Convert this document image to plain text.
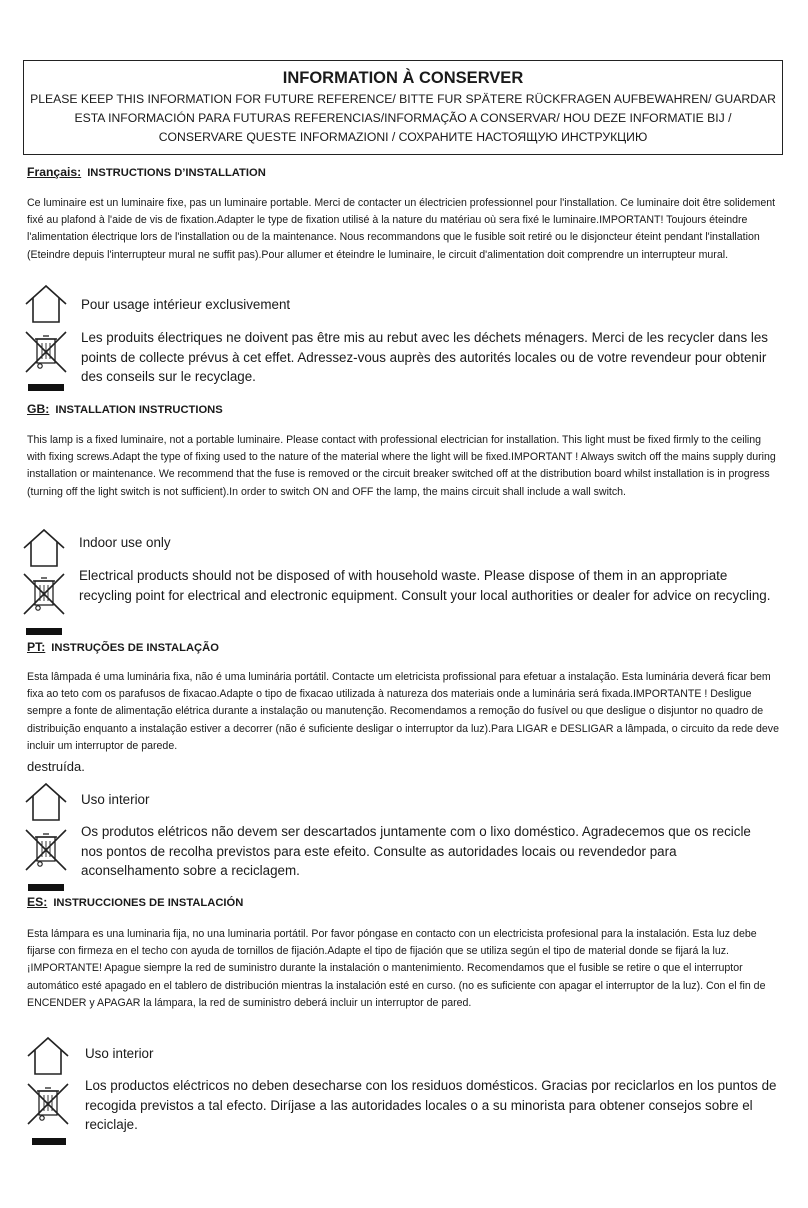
INFORMATION À CONSERVER
PLEASE KEEP THIS INFORMATION FOR FUTURE REFERENCE/ BITTE FUR SPÄTERE RÜCKFRAGEN AUFBEWAHREN/ GUARDAR
ESTA INFORMACIÓN PARA FUTURAS REFERENCIAS/INFORMAÇÃO A CONSERVAR/ HOU DEZE INFORMATIE BIJ /
CONSERVARE QUESTE INFORMAZIONI / СОХРАНИТЕ НАСТОЯЩУЮ ИНСТРУКЦИЮ
Français: INSTRUCTIONS D’INSTALLATION

Ce luminaire est un luminaire fixe, pas un luminaire portable. Merci de contacter un électricien professionnel pour l'installation. Ce luminaire doit être solidement fixé au plafond à l'aide de vis de fixation.Adapter le type de fixation utilisé à la nature du matériau où sera fixé le luminaire.IMPORTANT! Toujours éteindre l'alimentation électrique lors de l'installation ou de la maintenance. Nous recommandons que le fusible soit retiré ou le disjoncteur éteint pendant l'installation (Eteindre depuis l'interrupteur mural ne suffit pas).Pour allumer et éteindre le luminaire, le circuit d'alimentation doit comprendre un interrupteur mural.

Pour usage intérieur exclusivement

Les produits électriques ne doivent pas être mis au rebut avec les déchets ménagers. Merci de les recycler dans les points de collecte prévus à cet effet. Adressez-vous auprès des autorités locales ou de votre revendeur pour obtenir des conseils sur le recyclage.

GB: INSTALLATION INSTRUCTIONS

This lamp is a fixed luminaire, not a portable luminaire. Please contact with professional electrician for installation. This light must be fixed firmly to the ceiling with fixing screws.Adapt the type of fixing used to the nature of the material where the light will be fixed.IMPORTANT ! Always switch off the mains supply during installation or maintenance. We recommend that the fuse is removed or the circuit breaker switched off at the distribution board whilst installation is in progress (turning off the light switch is not sufficient).In order to switch ON and OFF the lamp, the mains circuit shall include a wall switch.

Indoor use only

Electrical products should not be disposed of with household waste. Please dispose of them in an appropriate recycling point for electrical and electronic equipment. Consult your local authorities or dealer for advice on recycling.

PT: INSTRUÇÕES DE INSTALAÇÃO

Esta lâmpada é uma luminária fixa, não é uma luminária portátil. Contacte um eletricista profissional para efetuar a instalação. Esta luminária deverá ficar bem fixa ao teto com os parafusos de fixacao.Adapte o tipo de fixacao utilizada à natureza dos materiais onde a luminária será fixada.IMPORTANTE ! Desligue sempre a fonte de alimentação elétrica durante a instalação ou manutenção. Recomendamos a remoção do fusível ou que desligue o disjuntor no quadro de distribuição enquanto a instalação estiver a decorrer (não é suficiente desligar o interruptor da luz).Para LIGAR e DESLIGAR a lâmpada, o circuito da rede deve incluir um interruptor de parede.

destruída.
Uso interior

Os produtos elétricos não devem ser descartados juntamente com o lixo doméstico. Agradecemos que os recicle nos pontos de recolha previstos para este efeito. Consulte as autoridades locais ou revendedor para aconselhamento sobre a reciclagem.

ES: INSTRUCCIONES DE INSTALACIÓN

Esta lámpara es una luminaria fija, no una luminaria portátil. Por favor póngase en contacto con un electricista profesional para la instalación. Esta luz debe fijarse con firmeza en el techo con ayuda de tornillos de fijación.Adapte el tipo de fijación que se utiliza según el tipo de material donde se fijará la luz. ¡IMPORTANTE! Apague siempre la red de suministro durante la instalación o mantenimiento. Recomendamos que el fusible se retire o que el interruptor automático esté apagado en el tablero de distribución mientras la instalación esté en curso. (no es suficiente con apagar el interruptor de la luz). Con el fin de ENCENDER y APAGAR la lámpara, la red de suministro deberá incluir un interruptor de pared.

Uso interior

Los productos eléctricos no deben desecharse con los residuos domésticos. Gracias por reciclarlos en los puntos de recogida previstos a tal efecto. Diríjase a las autoridades locales o a su minorista para obtener consejos sobre el reciclaje.
